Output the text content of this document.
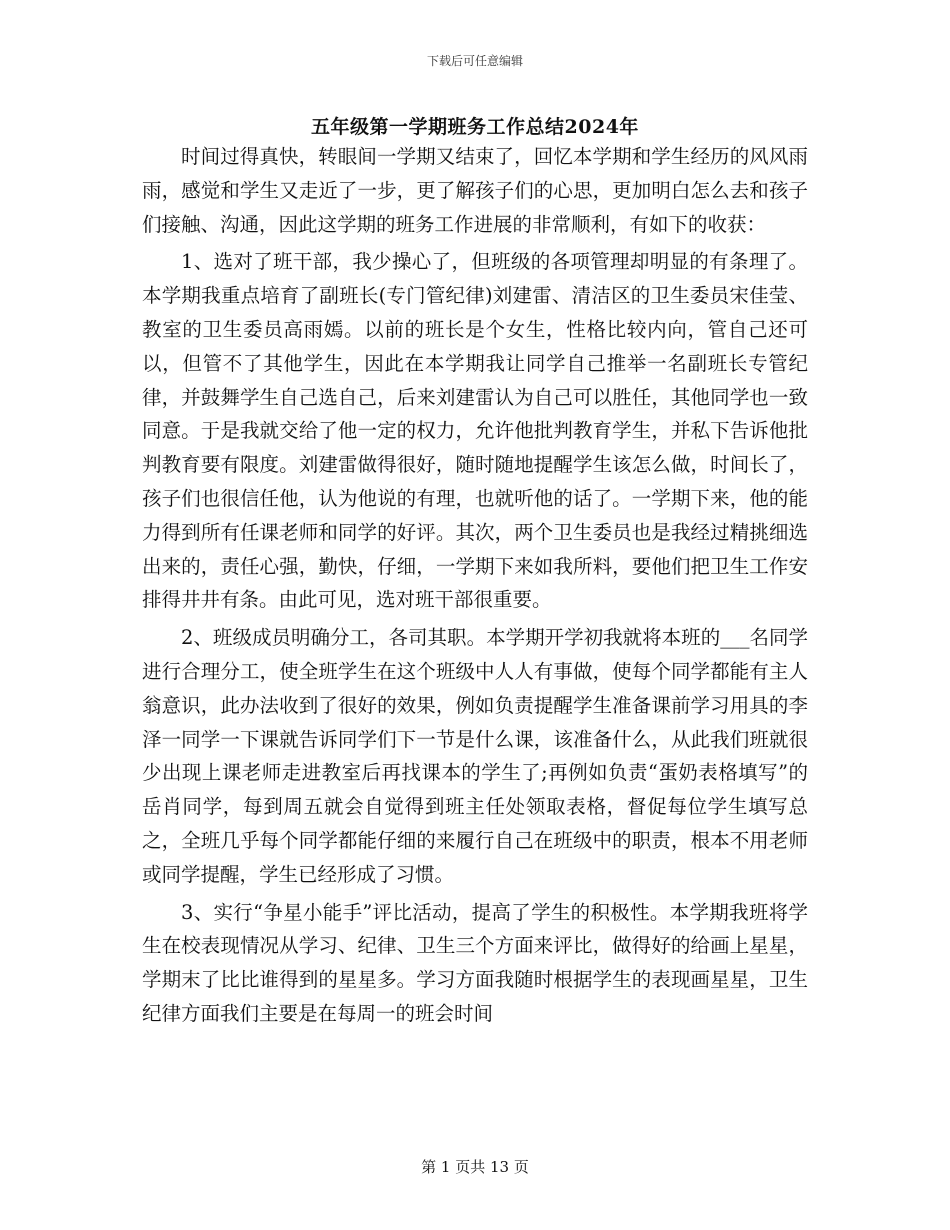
下载后可任意编辑
五年级第一学期班务工作总结2024年

时间过得真快，转眼间一学期又结束了，回忆本学期和学生经历的风风雨雨，感觉和学生又走近了一步，更了解孩子们的心思，更加明白怎么去和孩子们接触、沟通，因此这学期的班务工作进展的非常顺利，有如下的收获：

1、选对了班干部，我少操心了，但班级的各项管理却明显的有条理了。本学期我重点培育了副班长(专门管纪律)刘建雷、清洁区的卫生委员宋佳莹、教室的卫生委员高雨嫣。以前的班长是个女生，性格比较内向，管自己还可以，但管不了其他学生，因此在本学期我让同学自己推举一名副班长专管纪律，并鼓舞学生自己选自己，后来刘建雷认为自己可以胜任，其他同学也一致同意。于是我就交给了他一定的权力，允许他批判教育学生，并私下告诉他批判教育要有限度。刘建雷做得很好，随时随地提醒学生该怎么做，时间长了，孩子们也很信任他，认为他说的有理，也就听他的话了。一学期下来，他的能力得到所有任课老师和同学的好评。其次，两个卫生委员也是我经过精挑细选出来的，责任心强，勤快，仔细，一学期下来如我所料，要他们把卫生工作安排得井井有条。由此可见，选对班干部很重要。

2、班级成员明确分工，各司其职。本学期开学初我就将本班的___名同学进行合理分工，使全班学生在这个班级中人人有事做，使每个同学都能有主人翁意识，此办法收到了很好的效果，例如负责提醒学生准备课前学习用具的李泽一同学一下课就告诉同学们下一节是什么课，该准备什么，从此我们班就很少出现上课老师走进教室后再找课本的学生了;再例如负责“蛋奶表格填写”的岳肖同学，每到周五就会自觉得到班主任处领取表格，督促每位学生填写总之，全班几乎每个同学都能仔细的来履行自己在班级中的职责，根本不用老师或同学提醒，学生已经形成了习惯。

3、实行“争星小能手”评比活动，提高了学生的积极性。本学期我班将学生在校表现情况从学习、纪律、卫生三个方面来评比，做得好的给画上星星，学期末了比比谁得到的星星多。学习方面我随时根据学生的表现画星星，卫生纪律方面我们主要是在每周一的班会时间

第 1 页共 13 页
